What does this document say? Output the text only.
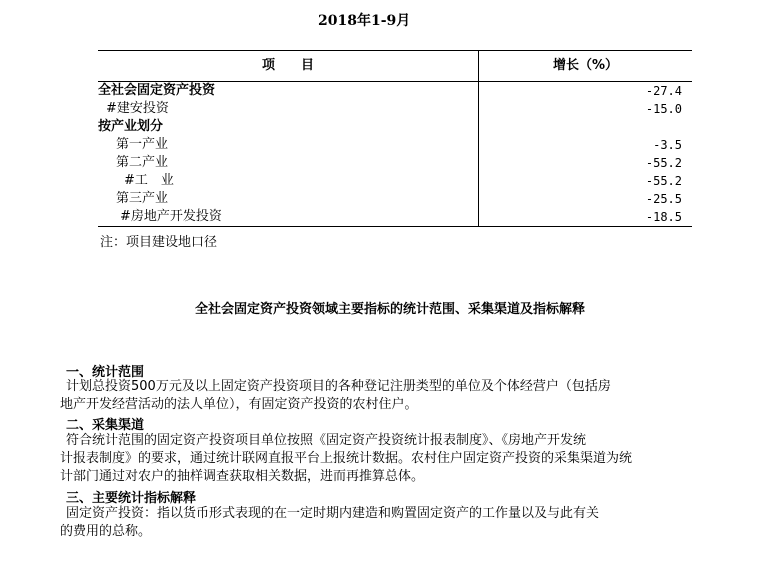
2018年1-9月
项　　目	增长（%）
全社会固定资产投资	-27.4
#建安投资	-15.0
按产业划分
第一产业	-3.5
第二产业	-55.2
#工　业	-55.2
第三产业	-25.5
#房地产开发投资	-18.5
注：项目建设地口径
全社会固定资产投资领域主要指标的统计范围、采集渠道及指标解释
一、统计范围
计划总投资500万元及以上固定资产投资项目的各种登记注册类型的单位及个体经营户（包括房
地产开发经营活动的法人单位），有固定资产投资的农村住户。
二、采集渠道
符合统计范围的固定资产投资项目单位按照《固定资产投资统计报表制度》、《房地产开发统
计报表制度》的要求，通过统计联网直报平台上报统计数据。农村住户固定资产投资的采集渠道为统
计部门通过对农户的抽样调查获取相关数据，进而再推算总体。
三、主要统计指标解释
固定资产投资：指以货币形式表现的在一定时期内建造和购置固定资产的工作量以及与此有关
的费用的总称。
